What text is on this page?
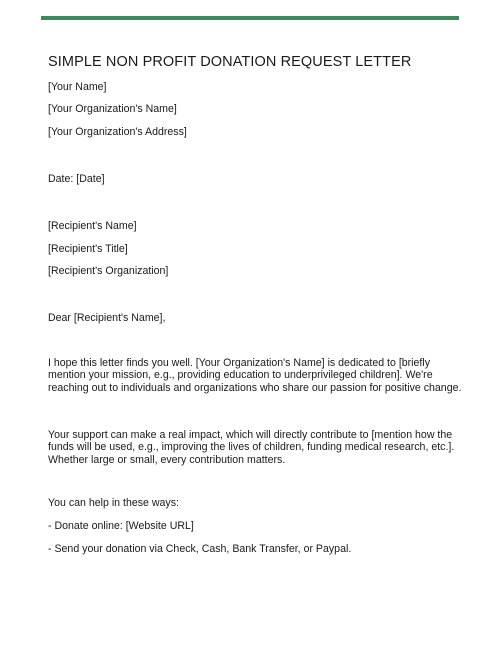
SIMPLE NON PROFIT DONATION REQUEST LETTER
[Your Name]
[Your Organization's Name]
[Your Organization's Address]
Date: [Date]
[Recipient's Name]
[Recipient's Title]
[Recipient's Organization]
Dear [Recipient's Name],
I hope this letter finds you well. [Your Organization's Name] is dedicated to [briefly mention your mission, e.g., providing education to underprivileged children]. We're reaching out to individuals and organizations who share our passion for positive change.
Your support can make a real impact, which will directly contribute to [mention how the funds will be used, e.g., improving the lives of children, funding medical research, etc.]. Whether large or small, every contribution matters.
You can help in these ways:
- Donate online: [Website URL]
- Send your donation via Check, Cash, Bank Transfer, or Paypal.
